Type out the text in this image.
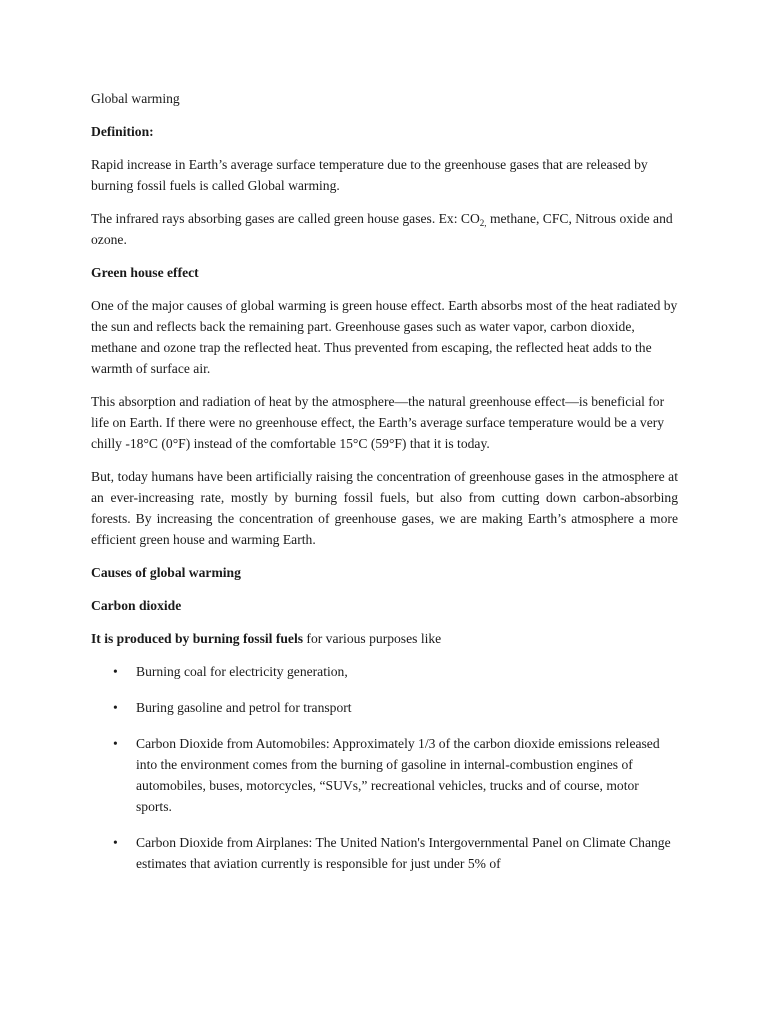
Global warming

Definition:

Rapid increase in Earth’s average surface temperature due to the greenhouse gases that are released by burning fossil fuels is called Global warming.

The infrared rays absorbing gases are called green house gases. Ex: $CO_{2,}$ methane, CFC, Nitrous oxide and ozone.

Green house effect

One of the major causes of global warming is green house effect. Earth absorbs most of the heat radiated by the sun and reflects back the remaining part. Greenhouse gases such as water vapor, carbon dioxide, methane and ozone trap the reflected heat. Thus prevented from escaping, the reflected heat adds to the warmth of surface air.

This absorption and radiation of heat by the atmosphere—the natural greenhouse effect—is beneficial for life on Earth. If there were no greenhouse effect, the Earth’s average surface temperature would be a very chilly -18°C (0°F) instead of the comfortable 15°C (59°F) that it is today.

But, today humans have been artificially raising the concentration of greenhouse gases in the atmosphere at an ever-increasing rate, mostly by burning fossil fuels, but also from cutting down carbon-absorbing forests. By increasing the concentration of greenhouse gases, we are making Earth’s atmosphere a more efficient green house and warming Earth.

Causes of global warming

Carbon dioxide

It is produced by burning fossil fuels for various purposes like

• Burning coal for electricity generation,
• Buring gasoline and petrol for transport
• Carbon Dioxide from Automobiles: Approximately 1/3 of the carbon dioxide emissions released into the environment comes from the burning of gasoline in internal-combustion engines of automobiles, buses, motorcycles, “SUVs,” recreational vehicles, trucks and of course, motor sports.
• Carbon Dioxide from Airplanes: The United Nation's Intergovernmental Panel on Climate Change estimates that aviation currently is responsible for just under 5% of
